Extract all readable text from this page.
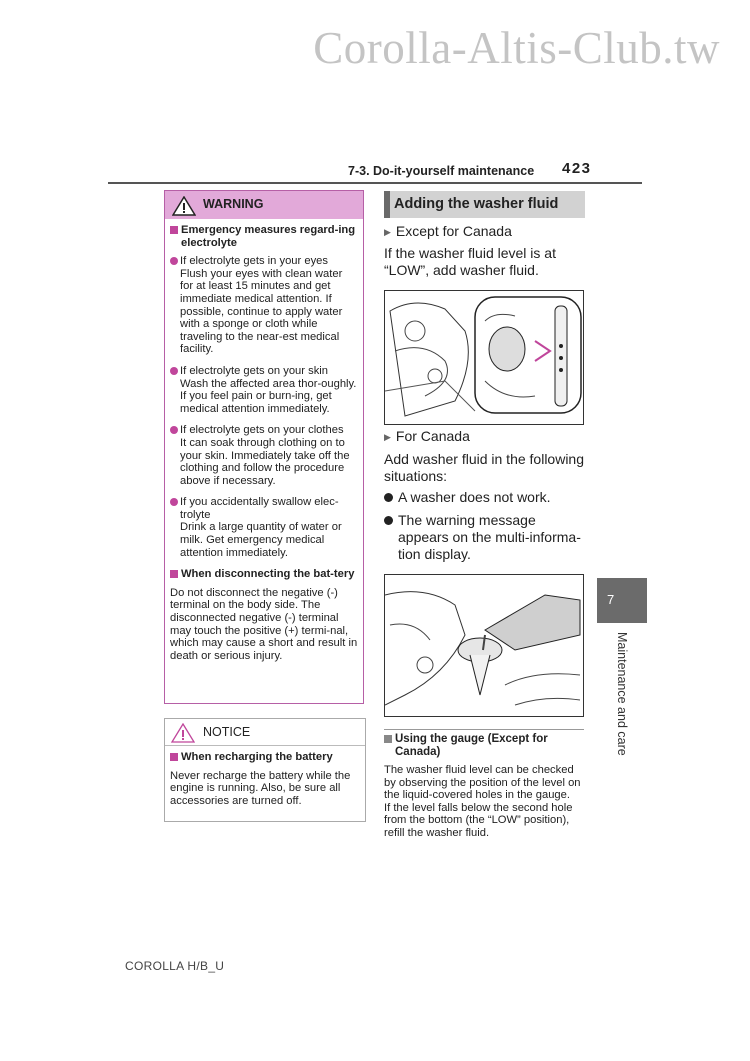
Corolla-Altis-Club.tw
7-3. Do-it-yourself maintenance 423
WARNING
Emergency measures regard-ing electrolyte
If electrolyte gets in your eyes
Flush your eyes with clean water for at least 15 minutes and get immediate medical attention. If possible, continue to apply water with a sponge or cloth while traveling to the near-est medical facility.
If electrolyte gets on your skin
Wash the affected area thor-oughly. If you feel pain or burn-ing, get medical attention immediately.
If electrolyte gets on your clothes
It can soak through clothing on to your skin. Immediately take off the clothing and follow the procedure above if necessary.
If you accidentally swallow elec-trolyte
Drink a large quantity of water or milk. Get emergency medical attention immediately.
When disconnecting the bat-tery
Do not disconnect the negative (-) terminal on the body side. The disconnected negative (-) terminal may touch the positive (+) termi-nal, which may cause a short and result in death or serious injury.
NOTICE
When recharging the battery
Never recharge the battery while the engine is running. Also, be sure all accessories are turned off.
Adding the washer fluid
▶ Except for Canada
If the washer fluid level is at “LOW”, add washer fluid.
▶ For Canada
Add washer fluid in the following situations:
A washer does not work.
The warning message appears on the multi-informa-tion display.
Using the gauge (Except for Canada)
The washer fluid level can be checked by observing the position of the level on the liquid-covered holes in the gauge.
If the level falls below the second hole from the bottom (the “LOW” position), refill the washer fluid.
7
Maintenance and care
COROLLA H/B_U
